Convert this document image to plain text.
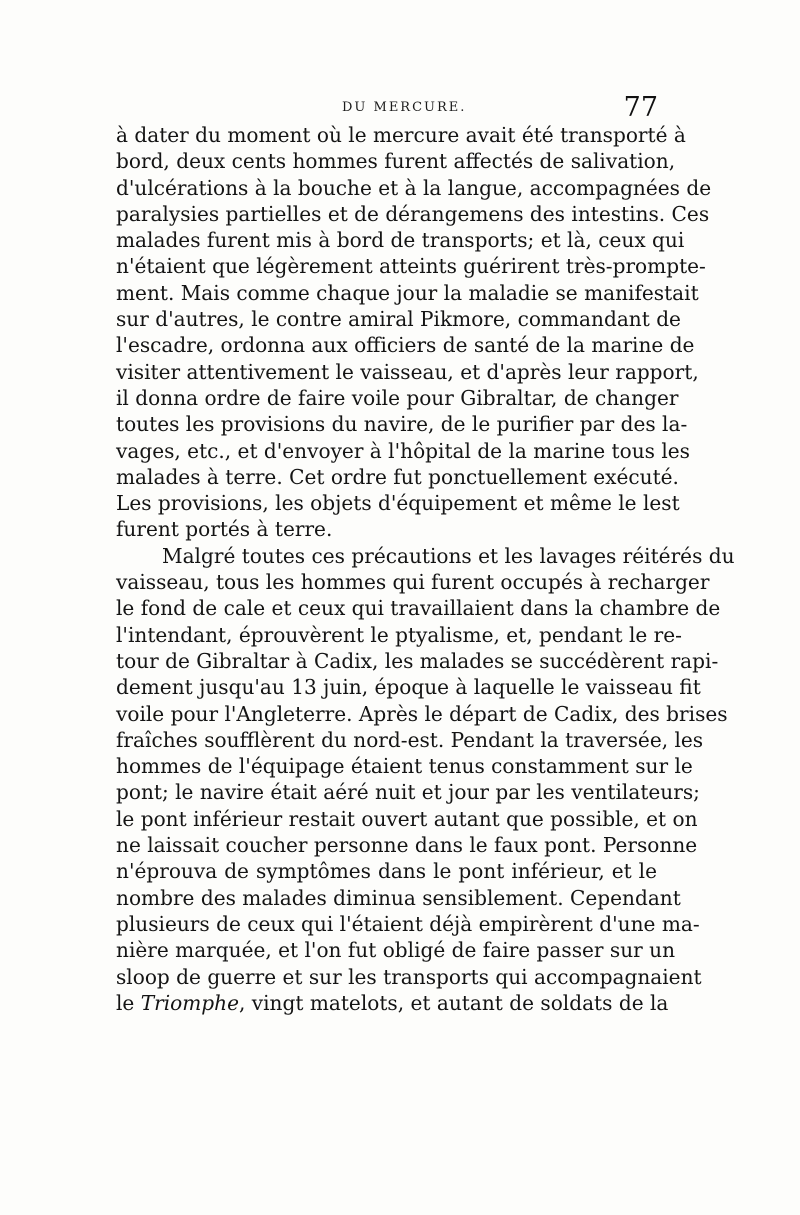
DU MERCURE.	77
à dater du moment où le mercure avait été transporté à
bord, deux cents hommes furent affectés de salivation,
d'ulcérations à la bouche et à la langue, accompagnées de
paralysies partielles et de dérangemens des intestins. Ces
malades furent mis à bord de transports; et là, ceux qui
n'étaient que légèrement atteints guérirent très-prompte-
ment. Mais comme chaque jour la maladie se manifestait
sur d'autres, le contre amiral Pikmore, commandant de
l'escadre, ordonna aux officiers de santé de la marine de
visiter attentivement le vaisseau, et d'après leur rapport,
il donna ordre de faire voile pour Gibraltar, de changer
toutes les provisions du navire, de le purifier par des la-
vages, etc., et d'envoyer à l'hôpital de la marine tous les
malades à terre. Cet ordre fut ponctuellement exécuté.
Les provisions, les objets d'équipement et même le lest
furent portés à terre.
Malgré toutes ces précautions et les lavages réitérés du
vaisseau, tous les hommes qui furent occupés à recharger
le fond de cale et ceux qui travaillaient dans la chambre de
l'intendant, éprouvèrent le ptyalisme, et, pendant le re-
tour de Gibraltar à Cadix, les malades se succédèrent rapi-
dement jusqu'au 13 juin, époque à laquelle le vaisseau fit
voile pour l'Angleterre. Après le départ de Cadix, des brises
fraîches soufflèrent du nord-est. Pendant la traversée, les
hommes de l'équipage étaient tenus constamment sur le
pont; le navire était aéré nuit et jour par les ventilateurs;
le pont inférieur restait ouvert autant que possible, et on
ne laissait coucher personne dans le faux pont. Personne
n'éprouva de symptômes dans le pont inférieur, et le
nombre des malades diminua sensiblement. Cependant
plusieurs de ceux qui l'étaient déjà empirèrent d'une ma-
nière marquée, et l'on fut obligé de faire passer sur un
sloop de guerre et sur les transports qui accompagnaient
le Triomphe, vingt matelots, et autant de soldats de la
